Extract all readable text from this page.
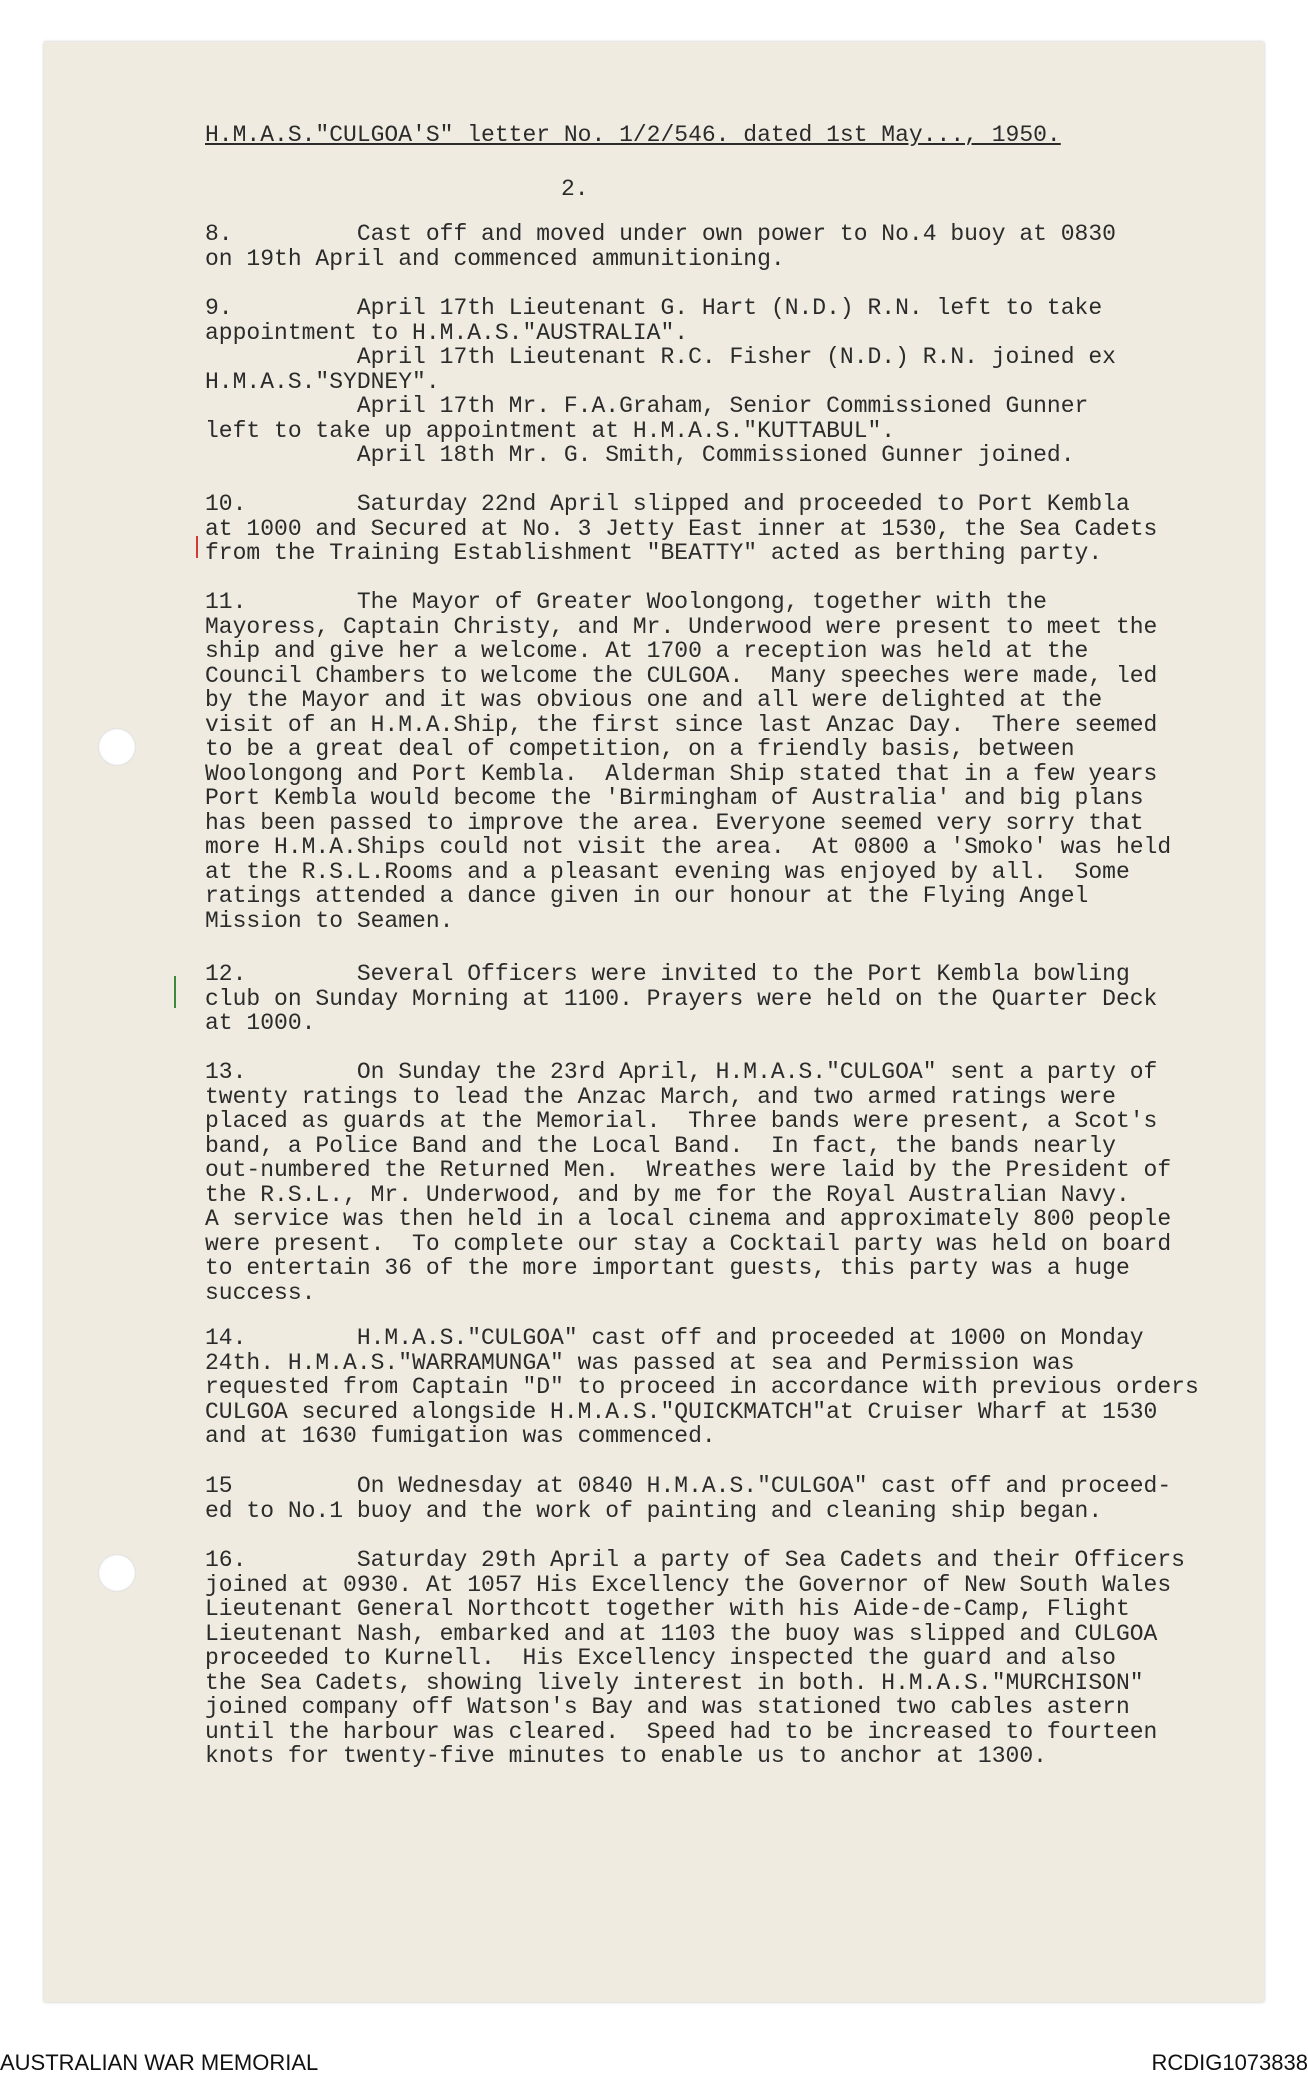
H.M.A.S."CULGOA'S" letter No. 1/2/546. dated 1st May..., 1950.
2.
8.         Cast off and moved under own power to No.4 buoy at 0830
on 19th April and commenced ammunitioning.
9.         April 17th Lieutenant G. Hart (N.D.) R.N. left to take
appointment to H.M.A.S."AUSTRALIA".
April 17th Lieutenant R.C. Fisher (N.D.) R.N. joined ex
H.M.A.S."SYDNEY".
April 17th Mr. F.A.Graham, Senior Commissioned Gunner
left to take up appointment at H.M.A.S."KUTTABUL".
April 18th Mr. G. Smith, Commissioned Gunner joined.
10.        Saturday 22nd April slipped and proceeded to Port Kembla
at 1000 and Secured at No. 3 Jetty East inner at 1530, the Sea Cadets
from the Training Establishment "BEATTY" acted as berthing party.
11.        The Mayor of Greater Woolongong, together with the
Mayoress, Captain Christy, and Mr. Underwood were present to meet the
ship and give her a welcome. At 1700 a reception was held at the
Council Chambers to welcome the CULGOA.  Many speeches were made, led
by the Mayor and it was obvious one and all were delighted at the
visit of an H.M.A.Ship, the first since last Anzac Day.  There seemed
to be a great deal of competition, on a friendly basis, between
Woolongong and Port Kembla.  Alderman Ship stated that in a few years
Port Kembla would become the 'Birmingham of Australia' and big plans
has been passed to improve the area. Everyone seemed very sorry that
more H.M.A.Ships could not visit the area.  At 0800 a 'Smoko' was held
at the R.S.L.Rooms and a pleasant evening was enjoyed by all.  Some
ratings attended a dance given in our honour at the Flying Angel
Mission to Seamen.
12.        Several Officers were invited to the Port Kembla bowling
club on Sunday Morning at 1100. Prayers were held on the Quarter Deck
at 1000.
13.        On Sunday the 23rd April, H.M.A.S."CULGOA" sent a party of
twenty ratings to lead the Anzac March, and two armed ratings were
placed as guards at the Memorial.  Three bands were present, a Scot's
band, a Police Band and the Local Band.  In fact, the bands nearly
out-numbered the Returned Men.  Wreathes were laid by the President of
the R.S.L., Mr. Underwood, and by me for the Royal Australian Navy.
A service was then held in a local cinema and approximately 800 people
were present.  To complete our stay a Cocktail party was held on board
to entertain 36 of the more important guests, this party was a huge
success.
14.        H.M.A.S."CULGOA" cast off and proceeded at 1000 on Monday
24th. H.M.A.S."WARRAMUNGA" was passed at sea and Permission was
requested from Captain "D" to proceed in accordance with previous orders
CULGOA secured alongside H.M.A.S."QUICKMATCH"at Cruiser Wharf at 1530
and at 1630 fumigation was commenced.
15         On Wednesday at 0840 H.M.A.S."CULGOA" cast off and proceed-
ed to No.1 buoy and the work of painting and cleaning ship began.
16.        Saturday 29th April a party of Sea Cadets and their Officers
joined at 0930. At 1057 His Excellency the Governor of New South Wales
Lieutenant General Northcott together with his Aide-de-Camp, Flight
Lieutenant Nash, embarked and at 1103 the buoy was slipped and CULGOA
proceeded to Kurnell.  His Excellency inspected the guard and also
the Sea Cadets, showing lively interest in both. H.M.A.S."MURCHISON"
joined company off Watson's Bay and was stationed two cables astern
until the harbour was cleared.  Speed had to be increased to fourteen
knots for twenty-five minutes to enable us to anchor at 1300.
AUSTRALIAN WAR MEMORIAL	RCDIG1073838
